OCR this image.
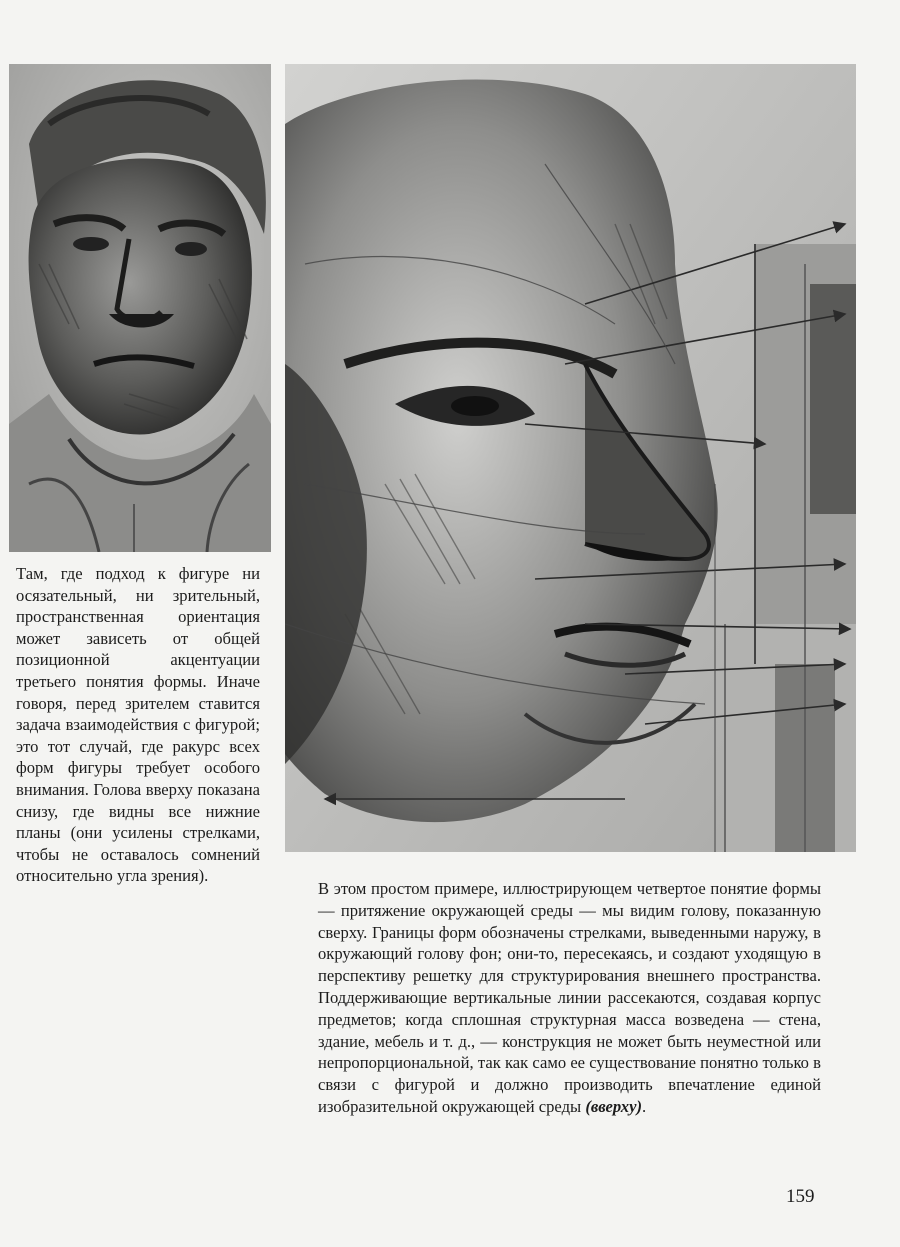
Там, где подход к фигуре ни осязательный, ни зрительный, пространственная ориентация может зависеть от общей позиционной акцентуации третьего понятия формы. Иначе говоря, перед зрителем ставится задача взаимодействия с фигурой; это тот случай, где ракурс всех форм фигуры требует особого внимания. Голова вверху показана снизу, где видны все нижние планы (они усилены стрелками, чтобы не оставалось сомнений относительно угла зрения).

В этом простом примере, иллюстрирующем четвертое понятие формы — притяжение окружающей среды — мы видим голову, показанную сверху. Границы форм обозначены стрелками, выведенными наружу, в окружающий голову фон; они-то, пересекаясь, и создают уходящую в перспективу решетку для структурирования внешнего пространства. Поддерживающие вертикальные линии рассекаются, создавая корпус предметов; когда сплошная структурная масса возведена — стена, здание, мебель и т. д., — конструкция не может быть неуместной или непропорциональной, так как само ее существование понятно только в связи с фигурой и должно производить впечатление единой изобразительной окружающей среды (вверху).

159
